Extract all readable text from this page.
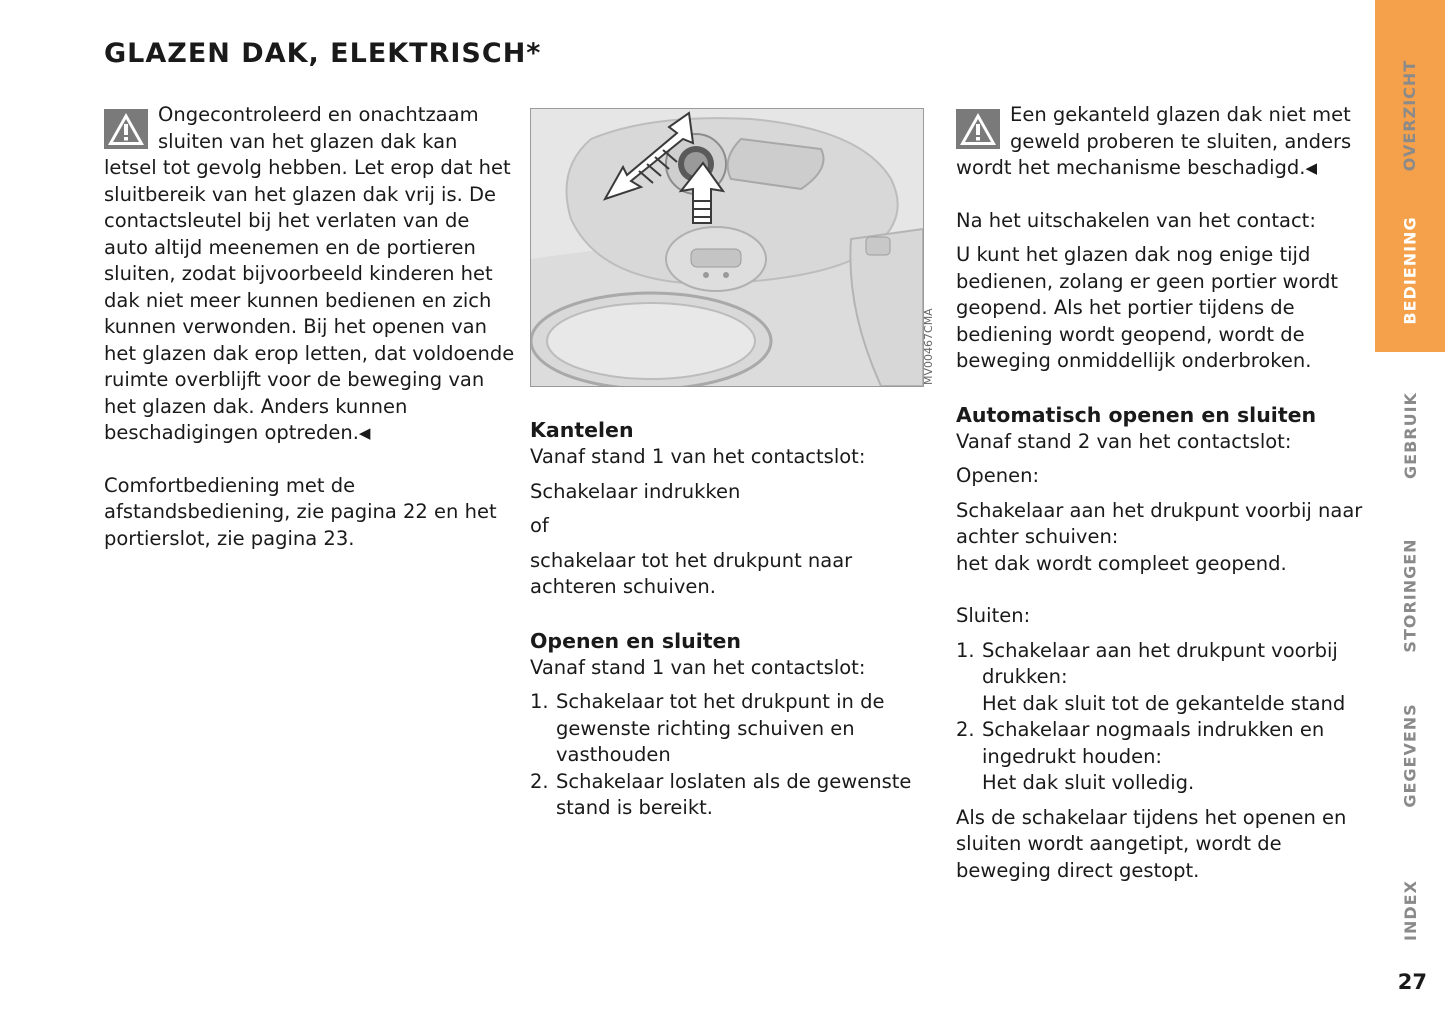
GLAZEN DAK, ELEKTRISCH*

Ongecontroleerd en onachtzaam sluiten van het glazen dak kan letsel tot gevolg hebben. Let erop dat het sluitbereik van het glazen dak vrij is. De contactsleutel bij het verlaten van de auto altijd meenemen en de portieren sluiten, zodat bijvoorbeeld kinderen het dak niet meer kunnen bedienen en zich kunnen verwonden. Bij het openen van het glazen dak erop letten, dat voldoende ruimte overblijft voor de beweging van het glazen dak. Anders kunnen beschadigingen optreden.◀

Comfortbediening met de afstandsbediening, zie pagina 22 en het portierslot, zie pagina 23.

MV00467CMA

Kantelen

Vanaf stand 1 van het contactslot:

Schakelaar indrukken

of

schakelaar tot het drukpunt naar achteren schuiven.

Openen en sluiten

Vanaf stand 1 van het contactslot:

1. Schakelaar tot het drukpunt in de gewenste richting schuiven en vasthouden
2. Schakelaar loslaten als de gewenste stand is bereikt.

Een gekanteld glazen dak niet met geweld proberen te sluiten, anders wordt het mechanisme beschadigd.◀

Na het uitschakelen van het contact:

U kunt het glazen dak nog enige tijd bedienen, zolang er geen portier wordt geopend. Als het portier tijdens de bediening wordt geopend, wordt de beweging onmiddellijk onderbroken.

Automatisch openen en sluiten

Vanaf stand 2 van het contactslot:

Openen:

Schakelaar aan het drukpunt voorbij naar achter schuiven:

het dak wordt compleet geopend.

Sluiten:

1. Schakelaar aan het drukpunt voorbij drukken:
Het dak sluit tot de gekantelde stand
2. Schakelaar nogmaals indrukken en ingedrukt houden:
Het dak sluit volledig.

Als de schakelaar tijdens het openen en sluiten wordt aangetipt, wordt de beweging direct gestopt.

OVERZICHT
BEDIENING
GEBRUIK
STORINGEN
GEGEVENS
INDEX
27
